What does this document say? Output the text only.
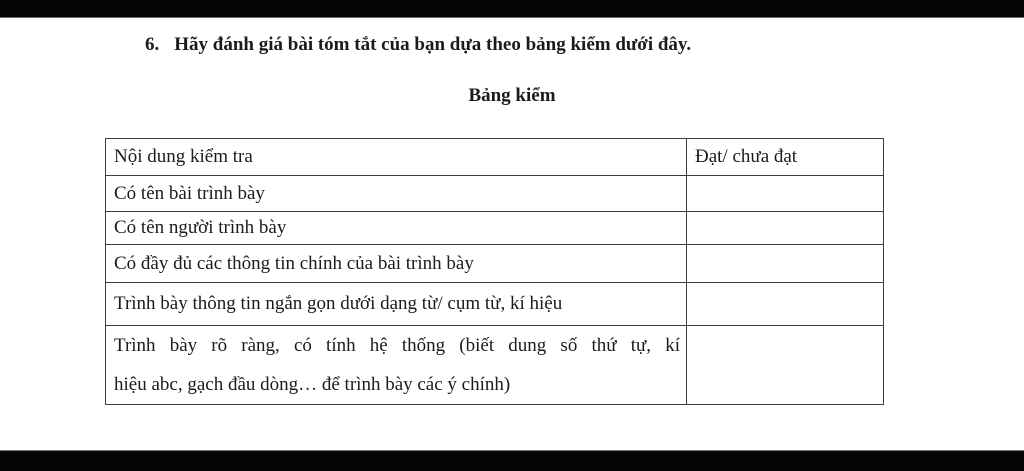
6. Hãy đánh giá bài tóm tắt của bạn dựa theo bảng kiểm dưới đây.
Bảng kiểm
Nội dung kiểm tra	Đạt/ chưa đạt
Có tên bài trình bày	
Có tên người trình bày	
Có đầy đủ các thông tin chính của bài trình bày	
Trình bày thông tin ngắn gọn dưới dạng từ/ cụm từ, kí hiệu	

Trình bày rõ ràng, có tính hệ thống (biết dung số thứ tự, kí
hiệu abc, gạch đầu dòng… để trình bày các ý chính)	
